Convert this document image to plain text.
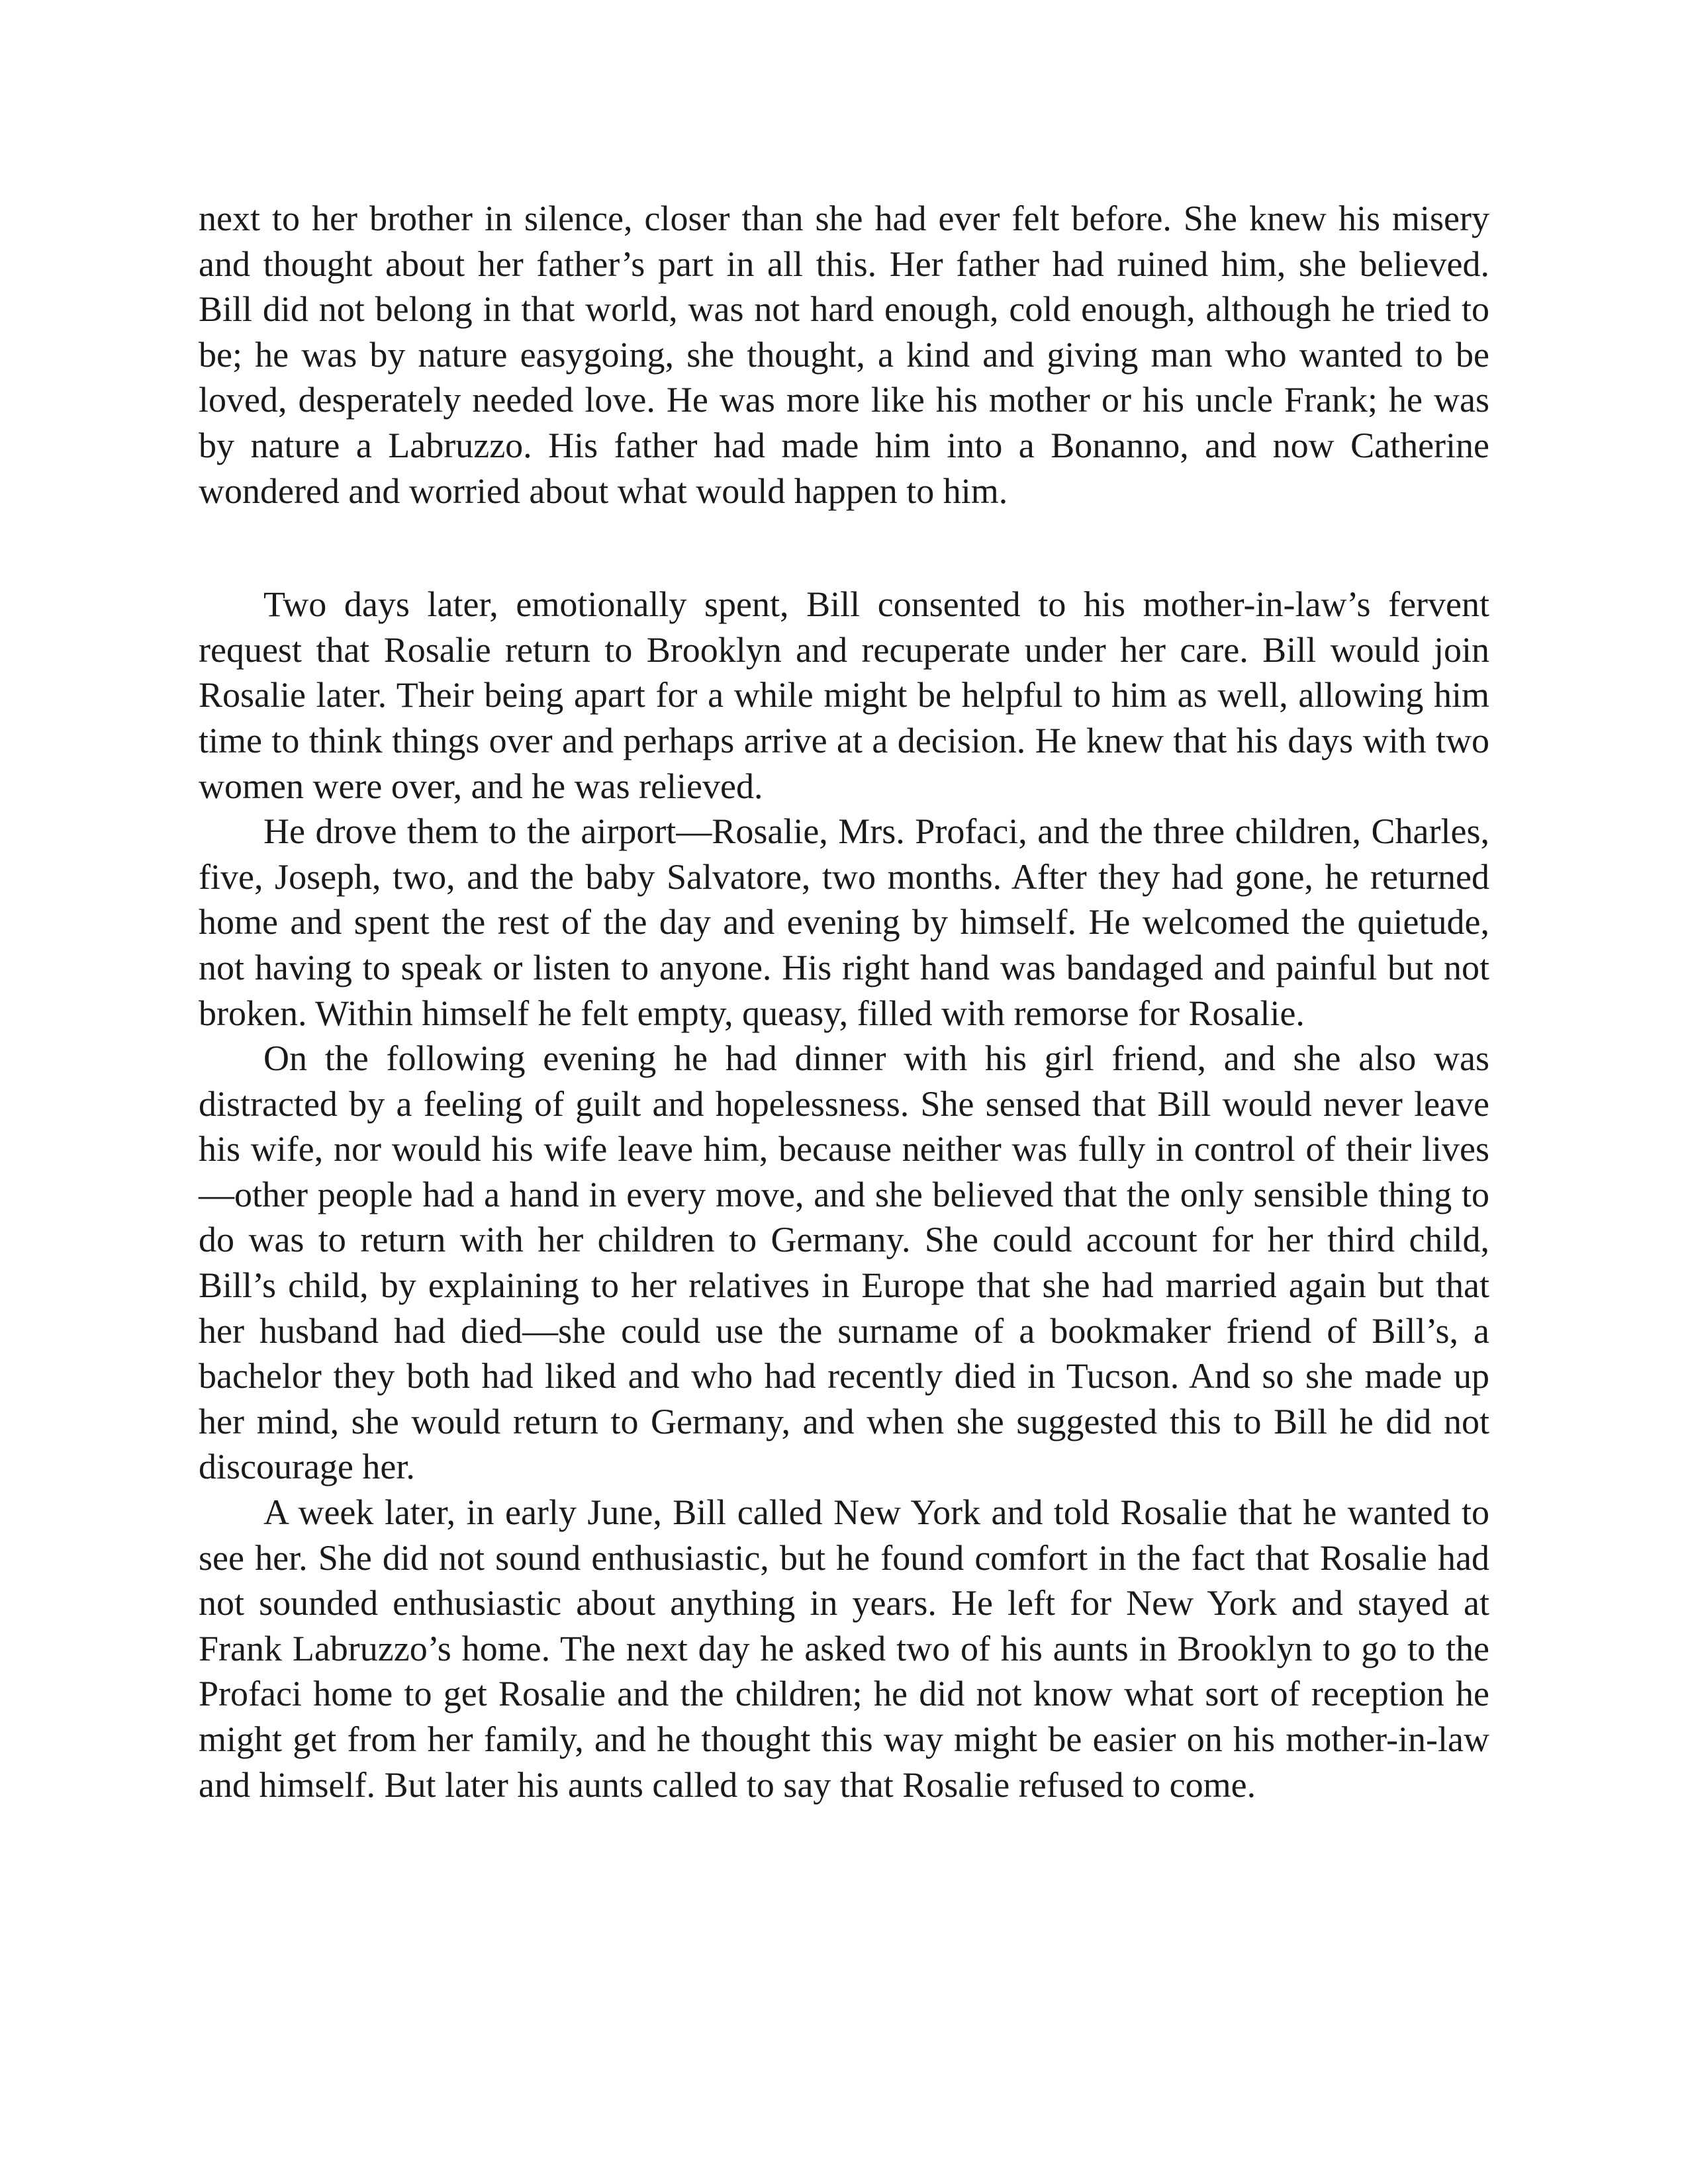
next to her brother in silence, closer than she had ever felt before. She knew his misery and thought about her father’s part in all this. Her father had ruined him, she believed. Bill did not belong in that world, was not hard enough, cold enough, although he tried to be; he was by nature easygoing, she thought, a kind and giving man who wanted to be loved, desperately needed love. He was more like his mother or his uncle Frank; he was by nature a Labruzzo. His father had made him into a Bonanno, and now Catherine wondered and worried about what would happen to him.

Two days later, emotionally spent, Bill consented to his mother-in-law’s fervent request that Rosalie return to Brooklyn and recuperate under her care. Bill would join Rosalie later. Their being apart for a while might be helpful to him as well, allowing him time to think things over and perhaps arrive at a decision. He knew that his days with two women were over, and he was relieved.

He drove them to the airport—Rosalie, Mrs. Profaci, and the three children, Charles, five, Joseph, two, and the baby Salvatore, two months. After they had gone, he returned home and spent the rest of the day and evening by himself. He welcomed the quietude, not having to speak or listen to anyone. His right hand was bandaged and painful but not broken. Within himself he felt empty, queasy, filled with remorse for Rosalie.

On the following evening he had dinner with his girl friend, and she also was distracted by a feeling of guilt and hopelessness. She sensed that Bill would never leave his wife, nor would his wife leave him, because neither was fully in control of their lives—other people had a hand in every move, and she believed that the only sensible thing to do was to return with her children to Germany. She could account for her third child, Bill’s child, by explaining to her relatives in Europe that she had married again but that her husband had died—she could use the surname of a bookmaker friend of Bill’s, a bachelor they both had liked and who had recently died in Tucson. And so she made up her mind, she would return to Germany, and when she suggested this to Bill he did not discourage her.

A week later, in early June, Bill called New York and told Rosalie that he wanted to see her. She did not sound enthusiastic, but he found comfort in the fact that Rosalie had not sounded enthusiastic about anything in years. He left for New York and stayed at Frank Labruzzo’s home. The next day he asked two of his aunts in Brooklyn to go to the Profaci home to get Rosalie and the children; he did not know what sort of reception he might get from her family, and he thought this way might be easier on his mother-in-law and himself. But later his aunts called to say that Rosalie refused to come.
